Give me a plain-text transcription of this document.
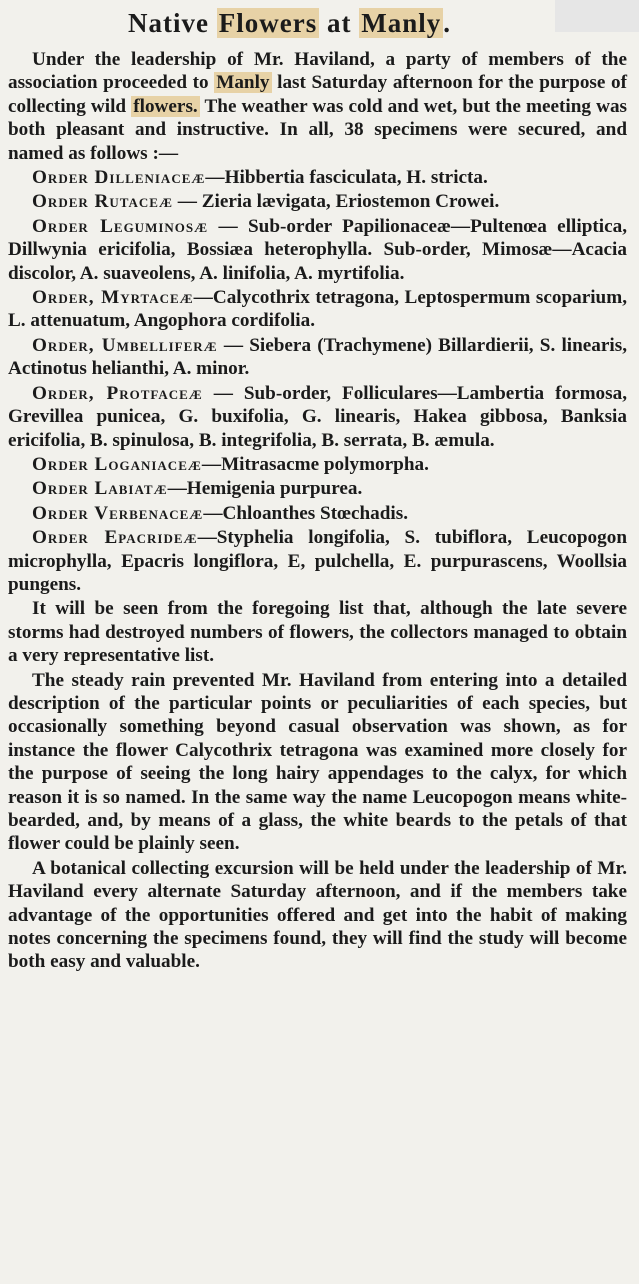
Native Flowers at Manly.

Under the leadership of Mr. Haviland, a party of members of the association proceeded to Manly last Saturday afternoon for the purpose of collecting wild flowers. The weather was cold and wet, but the meeting was both pleasant and instructive. In all, 38 specimens were secured, and named as follows :—

Order Dilleniaceæ—Hibbertia fasciculata, H. stricta.

Order Rutaceæ — Zieria lævigata, Eriostemon Crowei.

Order Leguminosæ — Sub-order Papilionaceæ—Pultenœa elliptica, Dillwynia ericifolia, Bossiæa heterophylla. Sub-order, Mimosæ—Acacia discolor, A. suaveolens, A. linifolia, A. myrtifolia.

Order, Myrtaceæ—Calycothrix tetragona, Leptospermum scoparium, L. attenuatum, Angophora cordifolia.

Order, Umbelliferæ — Siebera (Trachymene) Billardierii, S. linearis, Actinotus helianthi, A. minor.

Order, Protfaceæ — Sub-order, Folliculares—Lambertia formosa, Grevillea punicea, G. buxifolia, G. linearis, Hakea gibbosa, Banksia ericifolia, B. spinulosa, B. integrifolia, B. serrata, B. æmula.

Order Loganiaceæ—Mitrasacme polymorpha.

Order Labiatæ—Hemigenia purpurea.

Order Verbenaceæ—Chloanthes Stœchadis.

Order Epacrideæ—Styphelia longifolia, S. tubiflora, Leucopogon microphylla, Epacris longiflora, E, pulchella, E. purpurascens, Woollsia pungens.

It will be seen from the foregoing list that, although the late severe storms had destroyed numbers of flowers, the collectors managed to obtain a very representative list.

The steady rain prevented Mr. Haviland from entering into a detailed description of the particular points or peculiarities of each species, but occasionally something beyond casual observation was shown, as for instance the flower Calycothrix tetragona was examined more closely for the purpose of seeing the long hairy appendages to the calyx, for which reason it is so named. In the same way the name Leucopogon means white-bearded, and, by means of a glass, the white beards to the petals of that flower could be plainly seen.

A botanical collecting excursion will be held under the leadership of Mr. Haviland every alternate Saturday afternoon, and if the members take advantage of the opportunities offered and get into the habit of making notes concerning the specimens found, they will find the study will become both easy and valuable.
